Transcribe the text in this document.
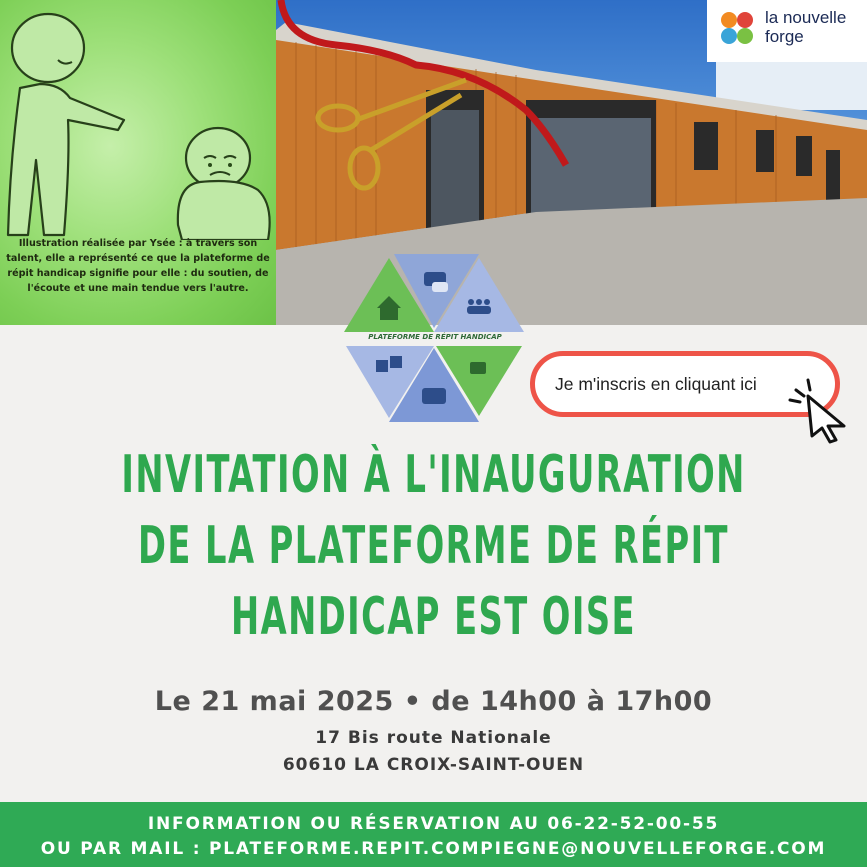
Illustration réalisée par Ysée : à travers son talent, elle a représenté ce que la plateforme de répit handicap signifie pour elle : du soutien, de l'écoute et une main tendue vers l'autre.
la nouvelle
forge
PLATEFORME DE RÉPIT HANDICAP
Je m'inscris en cliquant ici
INVITATION À L'INAUGURATION
DE LA PLATEFORME DE RÉPIT
HANDICAP EST OISE
Le 21 mai 2025 • de 14h00 à 17h00
17 Bis route Nationale
60610 LA CROIX-SAINT-OUEN
INFORMATION OU RÉSERVATION AU 06-22-52-00-55
OU PAR MAIL : PLATEFORME.REPIT.COMPIEGNE@NOUVELLEFORGE.COM
